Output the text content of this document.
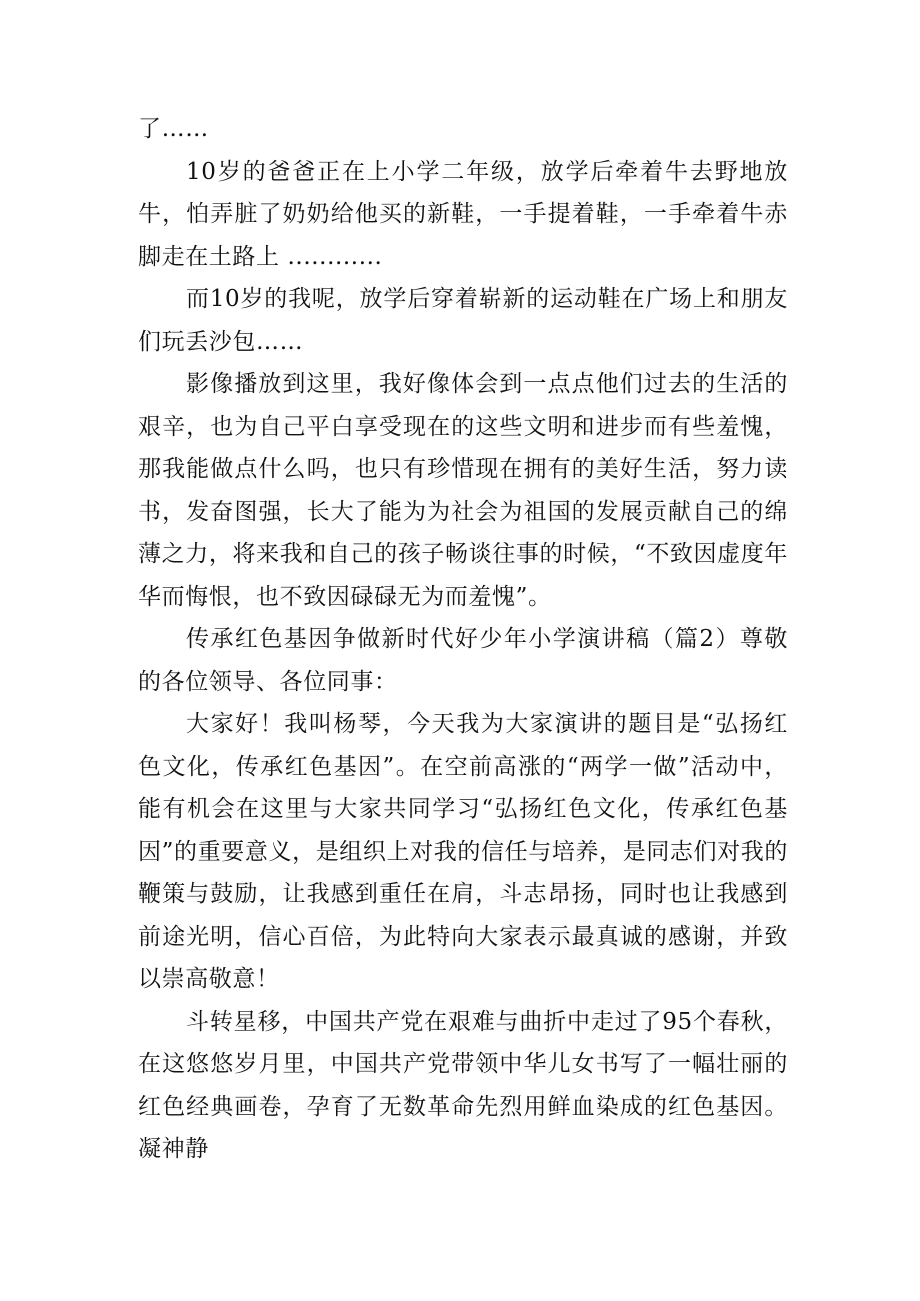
了……

10岁的爸爸正在上小学二年级，放学后牵着牛去野地放牛，怕弄脏了奶奶给他买的新鞋，一手提着鞋，一手牵着牛赤脚走在土路上 ............

而10岁的我呢，放学后穿着崭新的运动鞋在广场上和朋友们玩丢沙包……

影像播放到这里，我好像体会到一点点他们过去的生活的艰辛，也为自己平白享受现在的这些文明和进步而有些羞愧，那我能做点什么吗，也只有珍惜现在拥有的美好生活，努力读书，发奋图强，长大了能为为社会为祖国的发展贡献自己的绵薄之力，将来我和自己的孩子畅谈往事的时候，“不致因虚度年华而悔恨，也不致因碌碌无为而羞愧”。

传承红色基因争做新时代好少年小学演讲稿（篇2）尊敬的各位领导、各位同事：

大家好！我叫杨琴，今天我为大家演讲的题目是“弘扬红色文化，传承红色基因”。在空前高涨的“两学一做”活动中，能有机会在这里与大家共同学习“弘扬红色文化，传承红色基因”的重要意义，是组织上对我的信任与培养，是同志们对我的鞭策与鼓励，让我感到重任在肩，斗志昂扬，同时也让我感到前途光明，信心百倍，为此特向大家表示最真诚的感谢，并致以崇高敬意！

斗转星移，中国共产党在艰难与曲折中走过了95个春秋，在这悠悠岁月里，中国共产党带领中华儿女书写了一幅壮丽的红色经典画卷，孕育了无数革命先烈用鲜血染成的红色基因。凝神静
